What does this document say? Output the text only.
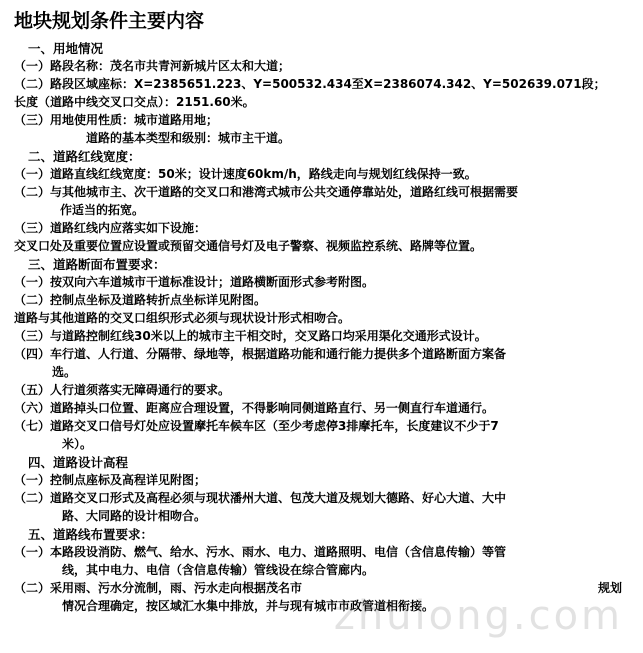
地块规划条件主要内容
一、用地情况
（一）路段名称：茂名市共青河新城片区太和大道；
（二）路段区域座标：X=2385651.223、Y=500532.434至X=2386074.342、Y=502639.071段；
长度（道路中线交叉口交点）：2151.60米。
（三）用地使用性质：城市道路用地；
道路的基本类型和级别：城市主干道。
二、道路红线宽度：
（一）道路直线红线宽度：50米；设计速度60km/h，路线走向与规划红线保持一致。
（二）与其他城市主、次干道路的交叉口和港湾式城市公共交通停靠站处，道路红线可根据需要
作适当的拓宽。
（三）道路红线内应落实如下设施：
交叉口处及重要位置应设置或预留交通信号灯及电子警察、视频监控系统、路牌等位置。
三、道路断面布置要求：
（一）按双向六车道城市干道标准设计；道路横断面形式参考附图。
（二）控制点坐标及道路转折点坐标详见附图。
道路与其他道路的交叉口组织形式必须与现状设计形式相吻合。
（三）与道路控制红线30米以上的城市主干相交时，交叉路口均采用渠化交通形式设计。
（四）车行道、人行道、分隔带、绿地等，根据道路功能和通行能力提供多个道路断面方案备
选。
（五）人行道须落实无障碍通行的要求。
（六）道路掉头口位置、距离应合理设置，不得影响同侧道路直行、另一侧直行车道通行。
（七）道路交叉口信号灯处应设置摩托车候车区（至少考虑停3排摩托车，长度建议不少于7
米）。
四、道路设计高程
（一）控制点座标及高程详见附图；
（二）道路交叉口形式及高程必须与现状潘州大道、包茂大道及规划大德路、好心大道、大中
路、大同路的设计相吻合。
五、道路线布置要求：
（一）本路段设消防、燃气、给水、污水、雨水、电力、道路照明、电信（含信息传输）等管
线，其中电力、电信（含信息传输）管线设在综合管廊内。
（二）采用雨、污水分流制，雨、污水走向根据茂名市	规划
情况合理确定，按区域汇水集中排放，并与现有城市市政管道相衔接。
zhulong.com
